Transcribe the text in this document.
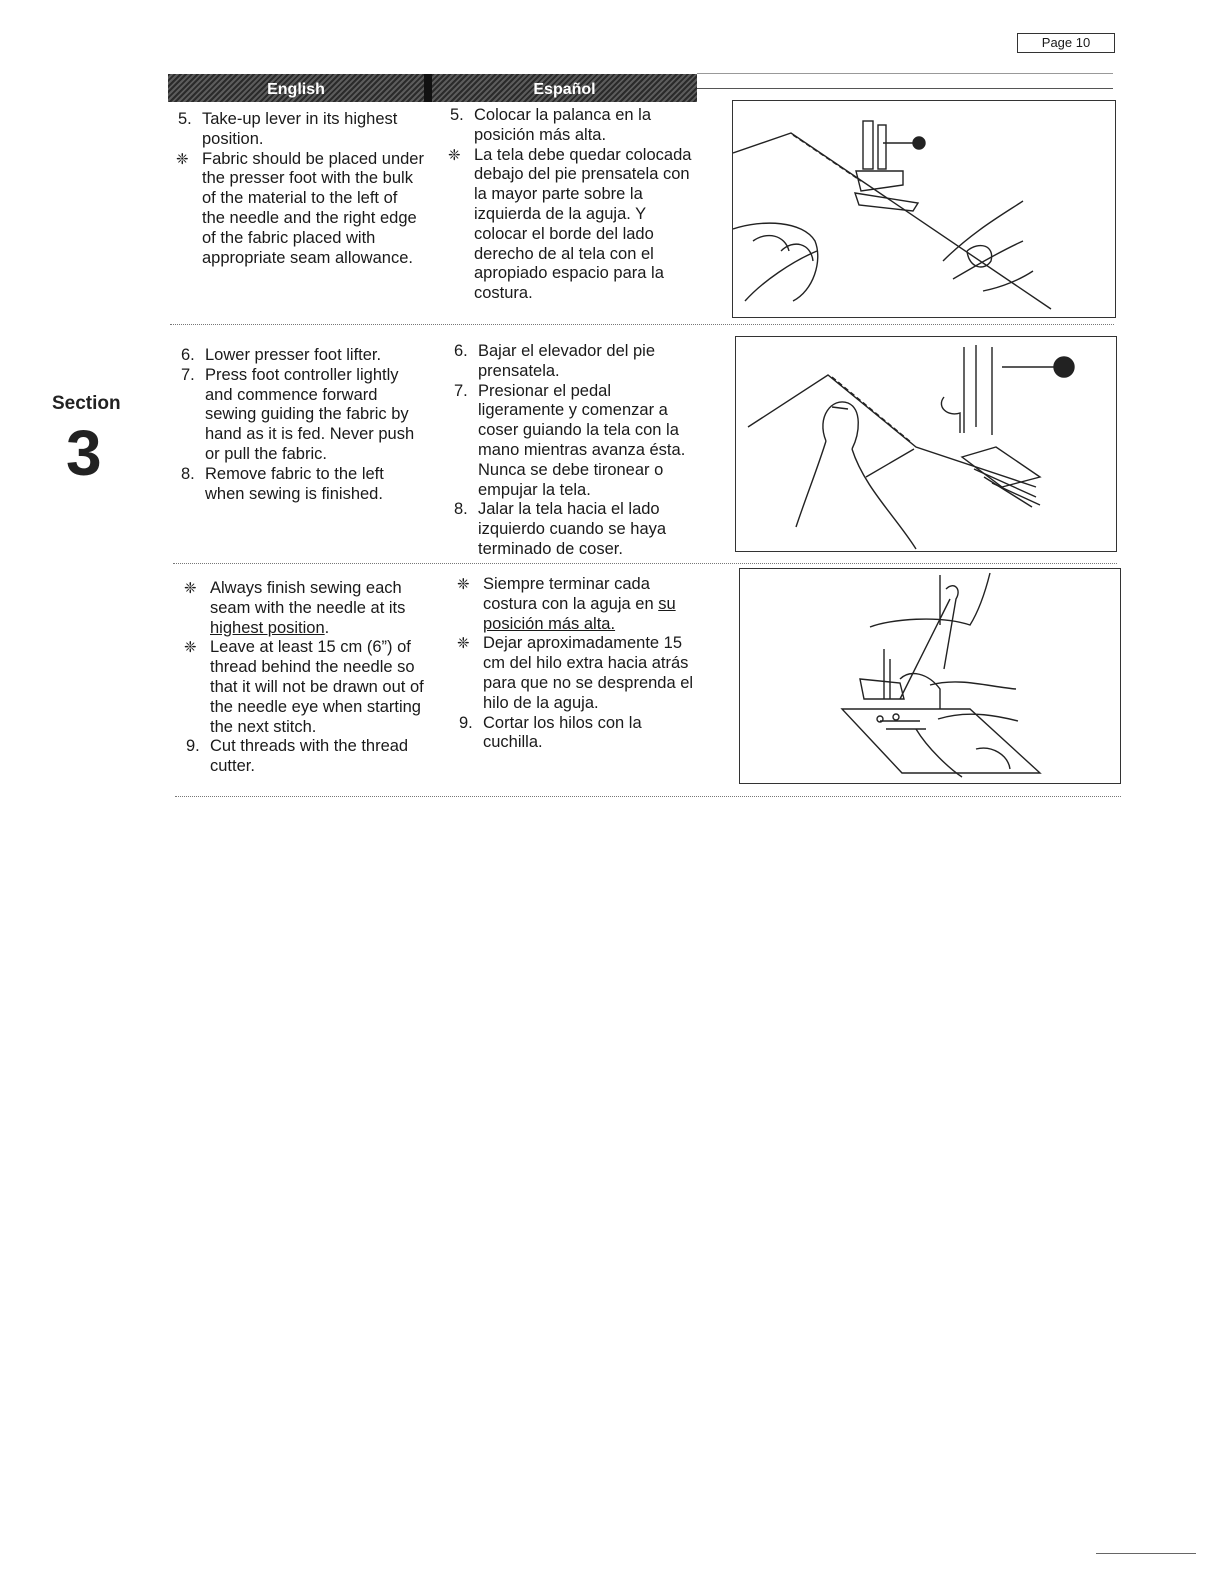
Page 10
English	Español
Section
3

5. Take-up lever in its highest position.

❈ Fabric should be placed under the presser foot with the bulk of the material to the left of the needle and the right edge of the fabric placed with appropriate seam allowance.

5. Colocar la palanca en la posición más alta.

❈ La tela debe quedar colocada debajo del pie prensatela con la mayor parte sobre la izquierda de la aguja. Y colocar el borde del lado derecho de al tela con el apropiado espacio para la costura.

6. Lower presser foot lifter.

7. Press foot controller lightly and commence forward sewing guiding the fabric by hand as it is fed. Never push or pull the fabric.

8. Remove fabric to the left when sewing is finished.

6. Bajar el elevador del pie prensatela.

7. Presionar el pedal ligeramente y comenzar a coser guiando la tela con la mano mientras avanza ésta. Nunca se debe tironear o empujar la tela.

8. Jalar la tela hacia el lado izquierdo cuando se haya terminado de coser.

❈ Always finish sewing each seam with the needle at its highest position.

❈ Leave at least 15 cm (6”) of thread behind the needle so that it will not be drawn out of the needle eye when starting the next stitch.

9. Cut threads with the thread cutter.

❈ Siempre terminar cada costura con la aguja en su posición más alta.

❈ Dejar aproximadamente 15 cm del hilo extra hacia atrás para que no se desprenda el hilo de la aguja.

9. Cortar los hilos con la cuchilla.
